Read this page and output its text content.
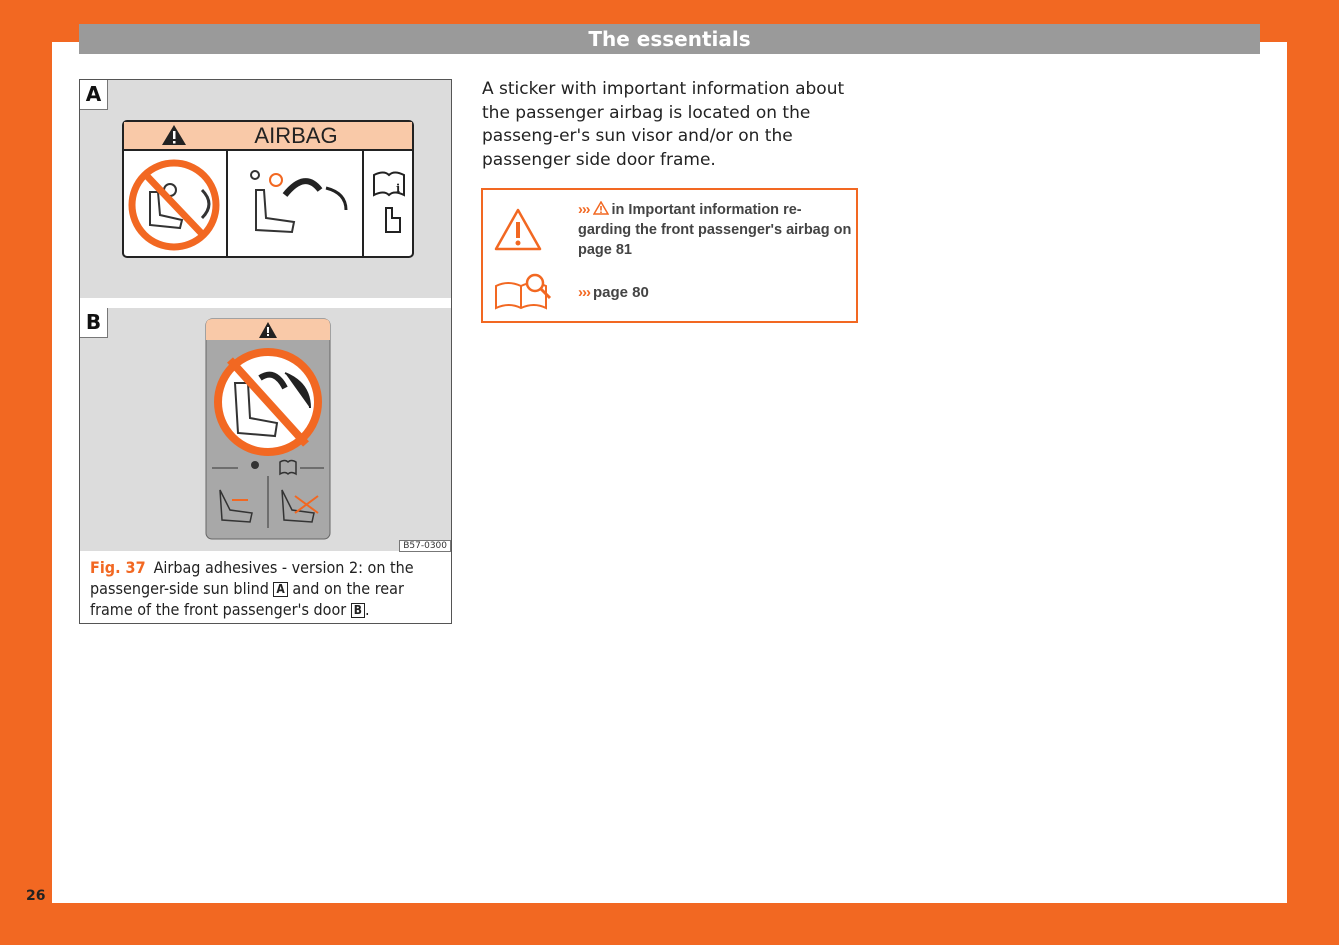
The essentials
A
AIRBAG
i
B
B57-0300
Fig. 37 Airbag adhesives - version 2: on the passenger-side sun blind A and on the rear frame of the front passenger's door B .
A sticker with important information about the passenger airbag is located on the passeng-er's sun visor and/or on the passenger side door frame.
››› in Important information re-garding the front passenger's airbag on page 81
››› page 80
26
